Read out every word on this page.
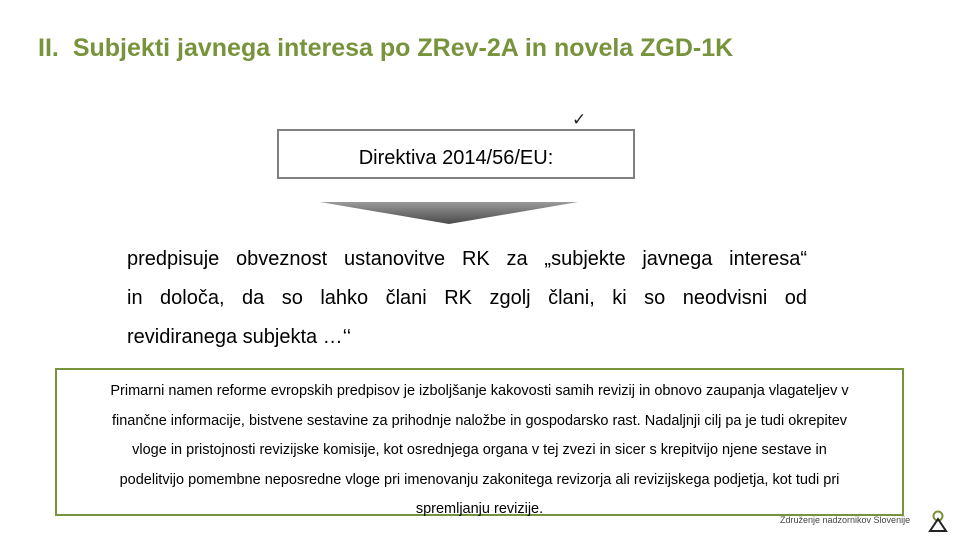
II. Subjekti javnega interesa po ZRev-2A in novela ZGD-1K
✓
Direktiva 2014/56/EU:
predpisuje obveznost ustanovitve RK za „subjekte javnega interesa“
in določa, da so lahko člani RK zgolj člani, ki so neodvisni od
revidiranega subjekta …‘‘
Primarni namen reforme evropskih predpisov je izboljšanje kakovosti samih revizij in obnovo zaupanja vlagateljev v
finančne informacije, bistvene sestavine za prihodnje naložbe in gospodarsko rast. Nadaljnji cilj pa je tudi okrepitev
vloge in pristojnosti revizijske komisije, kot osrednjega organa v tej zvezi in sicer s krepitvijo njene sestave in
podelitvijo pomembne neposredne vloge pri imenovanju zakonitega revizorja ali revizijskega podjetja, kot tudi pri
spremljanju revizije.
Združenje nadzornikov Slovenije
